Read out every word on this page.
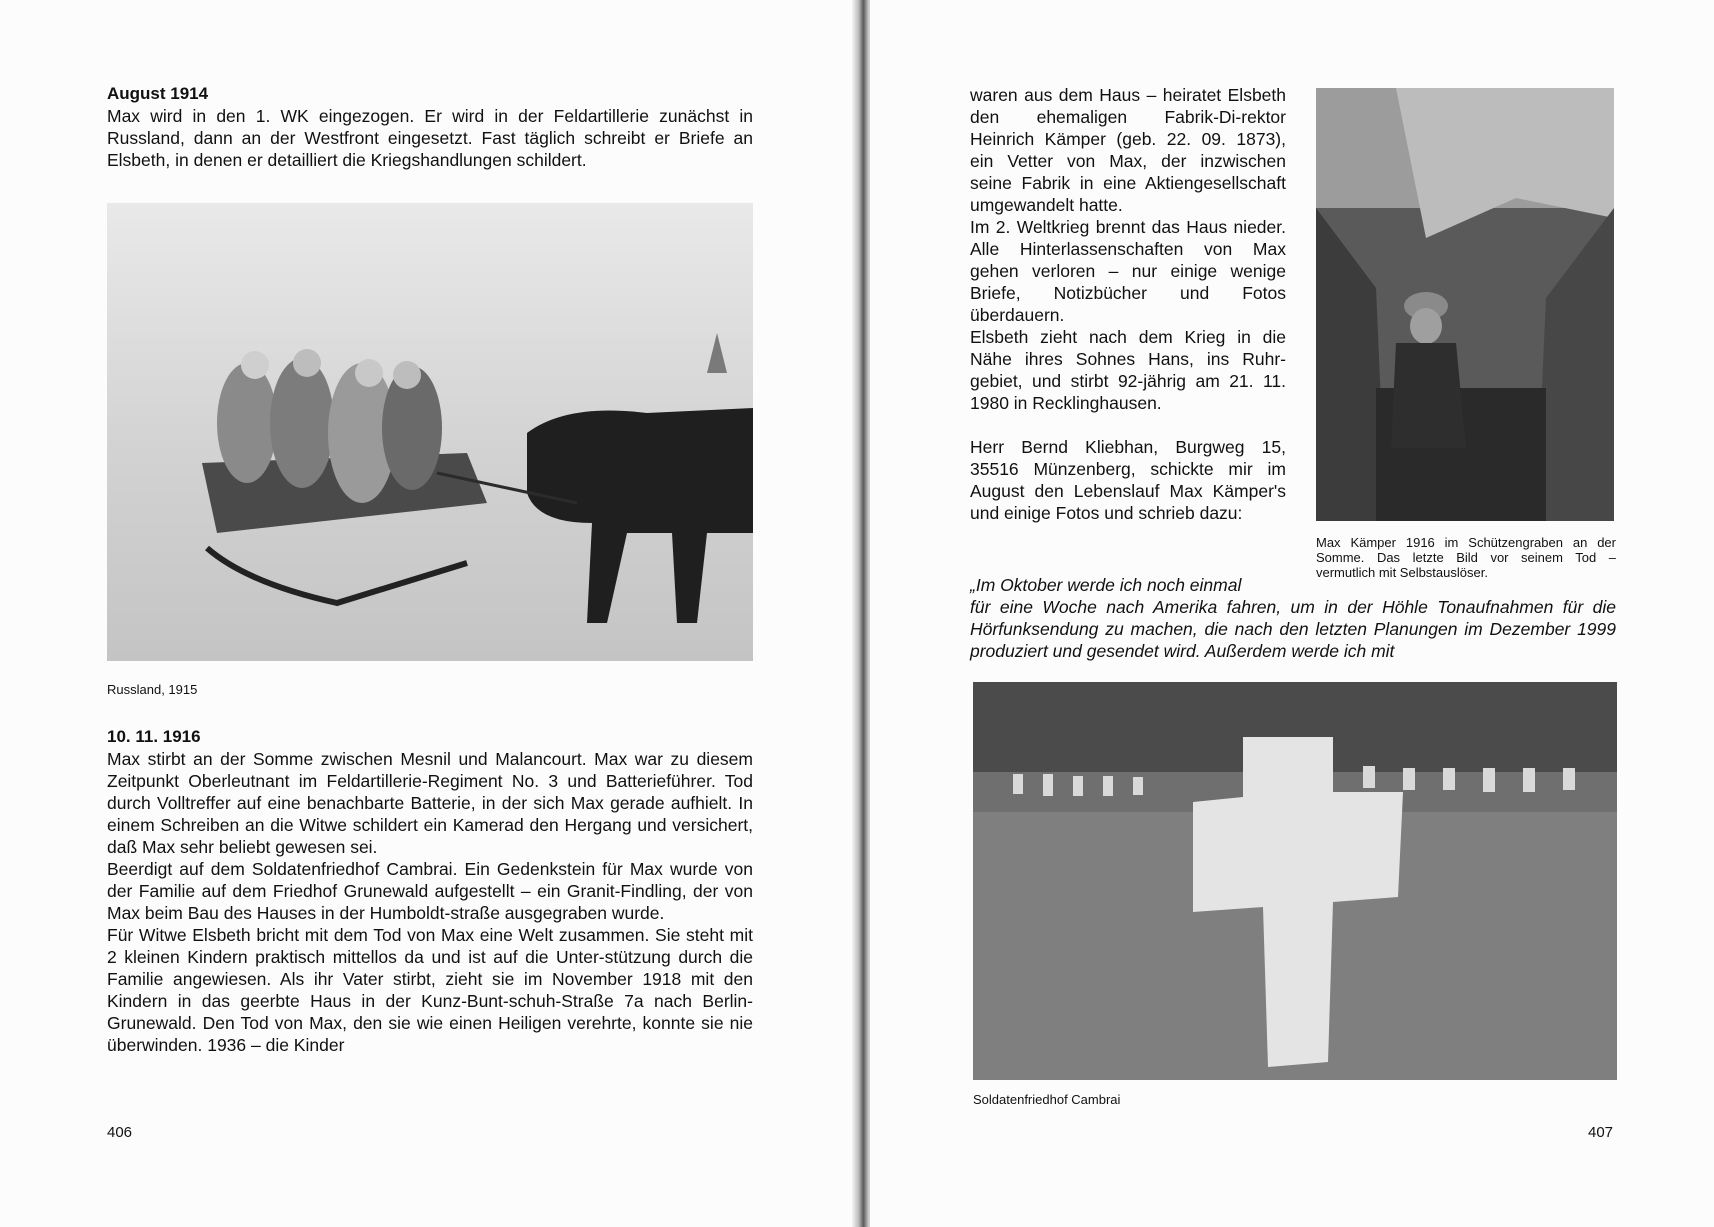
August 1914
Max wird in den 1. WK eingezogen. Er wird in der Feldartillerie zunächst in Russland, dann an der Westfront eingesetzt. Fast täglich schreibt er Briefe an Elsbeth, in denen er detailliert die Kriegshandlungen schildert.
Russland, 1915
10. 11. 1916

Max stirbt an der Somme zwischen Mesnil und Malancourt. Max war zu diesem Zeitpunkt Oberleutnant im Feldartillerie-Regiment No. 3 und Batterieführer. Tod durch Volltreffer auf eine benachbarte Batterie, in der sich Max gerade aufhielt. In einem Schreiben an die Witwe schildert ein Kamerad den Hergang und versichert, daß Max sehr beliebt gewesen sei.

Beerdigt auf dem Soldatenfriedhof Cambrai. Ein Gedenkstein für Max wurde von der Familie auf dem Friedhof Grunewald aufgestellt – ein Granit-Findling, der von Max beim Bau des Hauses in der Humboldt-straße ausgegraben wurde.

Für Witwe Elsbeth bricht mit dem Tod von Max eine Welt zusammen. Sie steht mit 2 kleinen Kindern praktisch mittellos da und ist auf die Unter-stützung durch die Familie angewiesen. Als ihr Vater stirbt, zieht sie im November 1918 mit den Kindern in das geerbte Haus in der Kunz-Bunt-schuh-Straße 7a nach Berlin-Grunewald. Den Tod von Max, den sie wie einen Heiligen verehrte, konnte sie nie überwinden. 1936 – die Kinder

406

waren aus dem Haus – heiratet Elsbeth den ehemaligen Fabrik-Di-rektor Heinrich Kämper (geb. 22. 09. 1873), ein Vetter von Max, der inzwischen seine Fabrik in eine Aktiengesellschaft umgewandelt hatte.

Im 2. Weltkrieg brennt das Haus nieder. Alle Hinterlassenschaften von Max gehen verloren – nur einige wenige Briefe, Notizbücher und Fotos überdauern.

Elsbeth zieht nach dem Krieg in die Nähe ihres Sohnes Hans, ins Ruhr-gebiet, und stirbt 92-jährig am 21. 11. 1980 in Recklinghausen.

Herr Bernd Kliebhan, Burgweg 15, 35516 Münzenberg, schickte mir im August den Lebenslauf Max Kämper's und einige Fotos und schrieb dazu:

„Im Oktober werde ich noch einmal
für eine Woche nach Amerika fahren, um in der Höhle Tonaufnahmen für die Hörfunksendung zu machen, die nach den letzten Planungen im Dezember 1999 produziert und gesendet wird. Außerdem werde ich mit
Max Kämper 1916 im Schützengraben an der Somme. Das letzte Bild vor seinem Tod – vermutlich mit Selbstauslöser.
Soldatenfriedhof Cambrai
407
